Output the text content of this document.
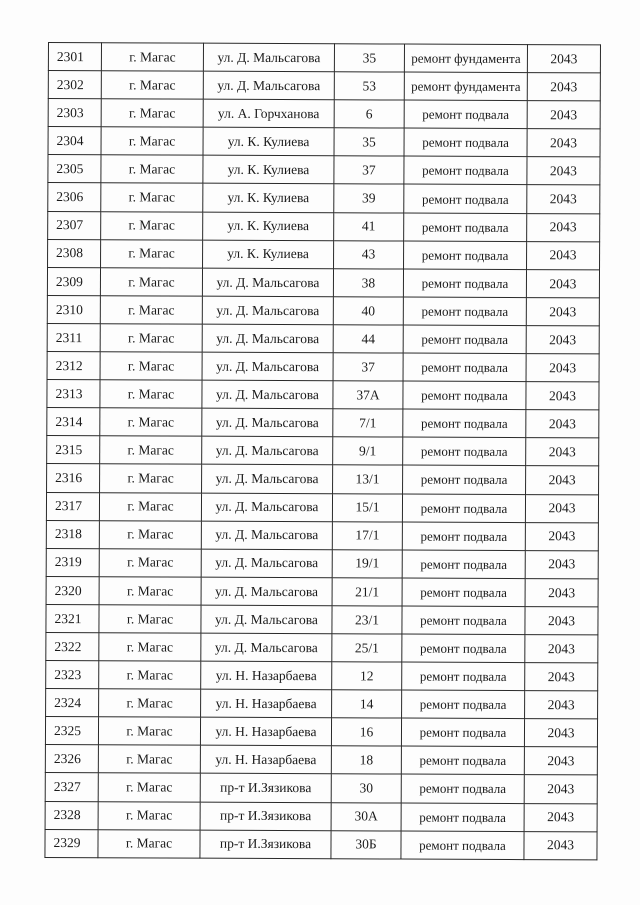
2301	г. Магас	ул. Д. Мальсагова	35	ремонт фундамента	2043
2302	г. Магас	ул. Д. Мальсагова	53	ремонт фундамента	2043
2303	г. Магас	ул. А. Горчханова	6	ремонт подвала	2043
2304	г. Магас	ул. К. Кулиева	35	ремонт подвала	2043
2305	г. Магас	ул. К. Кулиева	37	ремонт подвала	2043
2306	г. Магас	ул. К. Кулиева	39	ремонт подвала	2043
2307	г. Магас	ул. К. Кулиева	41	ремонт подвала	2043
2308	г. Магас	ул. К. Кулиева	43	ремонт подвала	2043
2309	г. Магас	ул. Д. Мальсагова	38	ремонт подвала	2043
2310	г. Магас	ул. Д. Мальсагова	40	ремонт подвала	2043
2311	г. Магас	ул. Д. Мальсагова	44	ремонт подвала	2043
2312	г. Магас	ул. Д. Мальсагова	37	ремонт подвала	2043
2313	г. Магас	ул. Д. Мальсагова	37А	ремонт подвала	2043
2314	г. Магас	ул. Д. Мальсагова	7/1	ремонт подвала	2043
2315	г. Магас	ул. Д. Мальсагова	9/1	ремонт подвала	2043
2316	г. Магас	ул. Д. Мальсагова	13/1	ремонт подвала	2043
2317	г. Магас	ул. Д. Мальсагова	15/1	ремонт подвала	2043
2318	г. Магас	ул. Д. Мальсагова	17/1	ремонт подвала	2043
2319	г. Магас	ул. Д. Мальсагова	19/1	ремонт подвала	2043
2320	г. Магас	ул. Д. Мальсагова	21/1	ремонт подвала	2043
2321	г. Магас	ул. Д. Мальсагова	23/1	ремонт подвала	2043
2322	г. Магас	ул. Д. Мальсагова	25/1	ремонт подвала	2043
2323	г. Магас	ул. Н. Назарбаева	12	ремонт подвала	2043
2324	г. Магас	ул. Н. Назарбаева	14	ремонт подвала	2043
2325	г. Магас	ул. Н. Назарбаева	16	ремонт подвала	2043
2326	г. Магас	ул. Н. Назарбаева	18	ремонт подвала	2043
2327	г. Магас	пр-т И.Зязикова	30	ремонт подвала	2043
2328	г. Магас	пр-т И.Зязикова	30А	ремонт подвала	2043
2329	г. Магас	пр-т И.Зязикова	30Б	ремонт подвала	2043
